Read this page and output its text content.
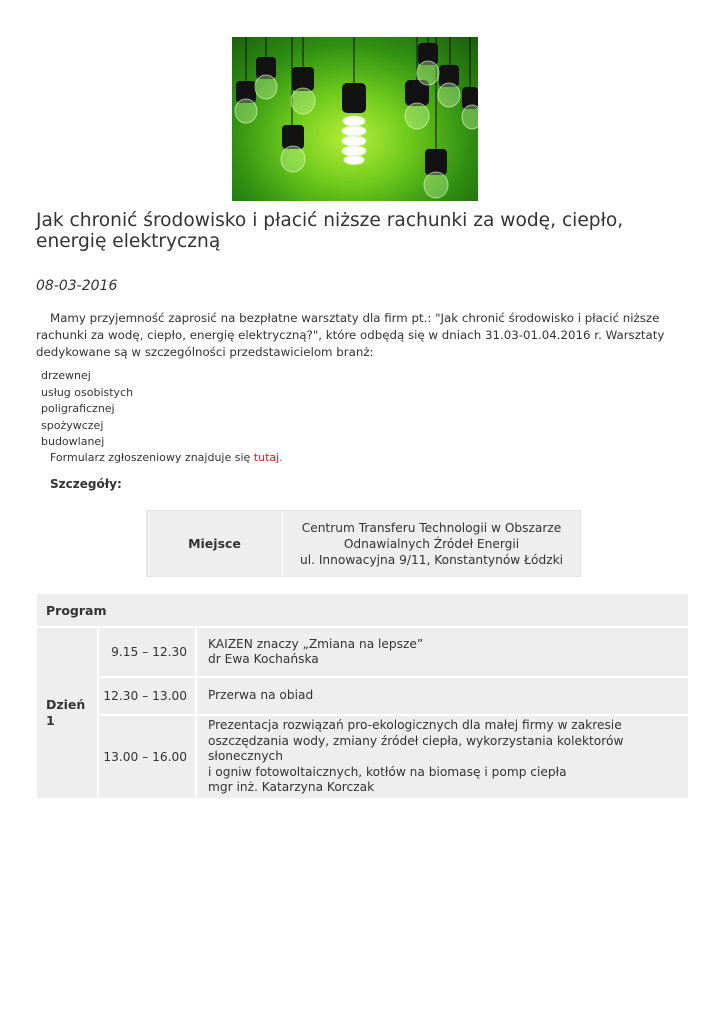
Jak chronić środowisko i płacić niższe rachunki za wodę, ciepło, energię elektryczną

08-03-2016

Mamy przyjemność zaprosić na bezpłatne warsztaty dla firm pt.: "Jak chronić środowisko i płacić niższe rachunki za wodę, ciepło, energię elektryczną?", które odbędą się w dniach 31.03-01.04.2016 r. Warsztaty dedykowane są w szczególności przedstawicielom branż:

drzewnej
usług osobistych
poligraficznej
spożywczej
budowlanej

Formularz zgłoszeniowy znajduje się tutaj.

Szczegóły:

Miejsce
Centrum Transferu Technologii w Obszarze
Odnawialnych Źródeł Energii
ul. Innowacyjna 9/11, Konstantynów Łódzki
Program
Dzień
1
9.15 – 12.30
KAIZEN znaczy „Zmiana na lepsze”
dr Ewa Kochańska
12.30 – 13.00	Przerwa na obiad
13.00 – 16.00
Prezentacja rozwiązań pro-ekologicznych dla małej firmy w zakresie
oszczędzania wody, zmiany źródeł ciepła, wykorzystania kolektorów słonecznych
i ogniw fotowoltaicznych, kotłów na biomasę i pomp ciepła
mgr inż. Katarzyna Korczak
